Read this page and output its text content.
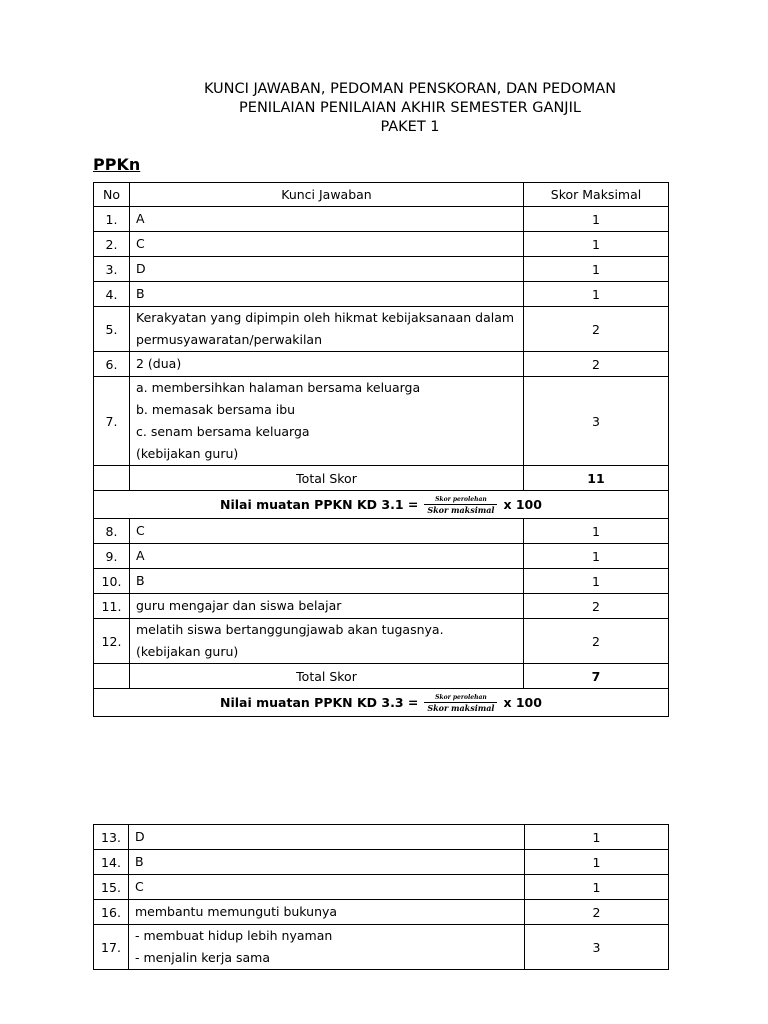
KUNCI JAWABAN, PEDOMAN PENSKORAN, DAN PEDOMAN
PENILAIAN PENILAIAN AKHIR SEMESTER GANJIL
PAKET 1
PPKn
No	Kunci Jawaban	Skor Maksimal
1.	A	1
2.	C	1
3.	D	1
4.	B	1
5.	Kerakyatan yang dipimpin oleh hikmat kebijaksanaan dalam
permusyawaratan/perwakilan	2
6.	2 (dua)	2
7.	a. membersihkan halaman bersama keluarga
b. memasak bersama ibu
c. senam bersama keluarga
(kebijakan guru)	3
	Total Skor	11

Nilai muatan PPKN KD $3.1 = \frac{\text{Skor perolehan}}{\text{Skor maksimal}}$ x 100		

8.	C	1
9.	A	1
10.	B	1
11.	guru mengajar dan siswa belajar	2
12.	melatih siswa bertanggungjawab akan tugasnya.
(kebijakan guru)	2
	Total Skor	7

Nilai muatan PPKN KD $3.3 = \frac{\text{Skor perolehan}}{\text{Skor maksimal}}$ x 100		
13.	D	1
14.	B	1
15.	C	1
16.	membantu memunguti bukunya	2
17.	- membuat hidup lebih nyaman
- menjalin kerja sama	3
